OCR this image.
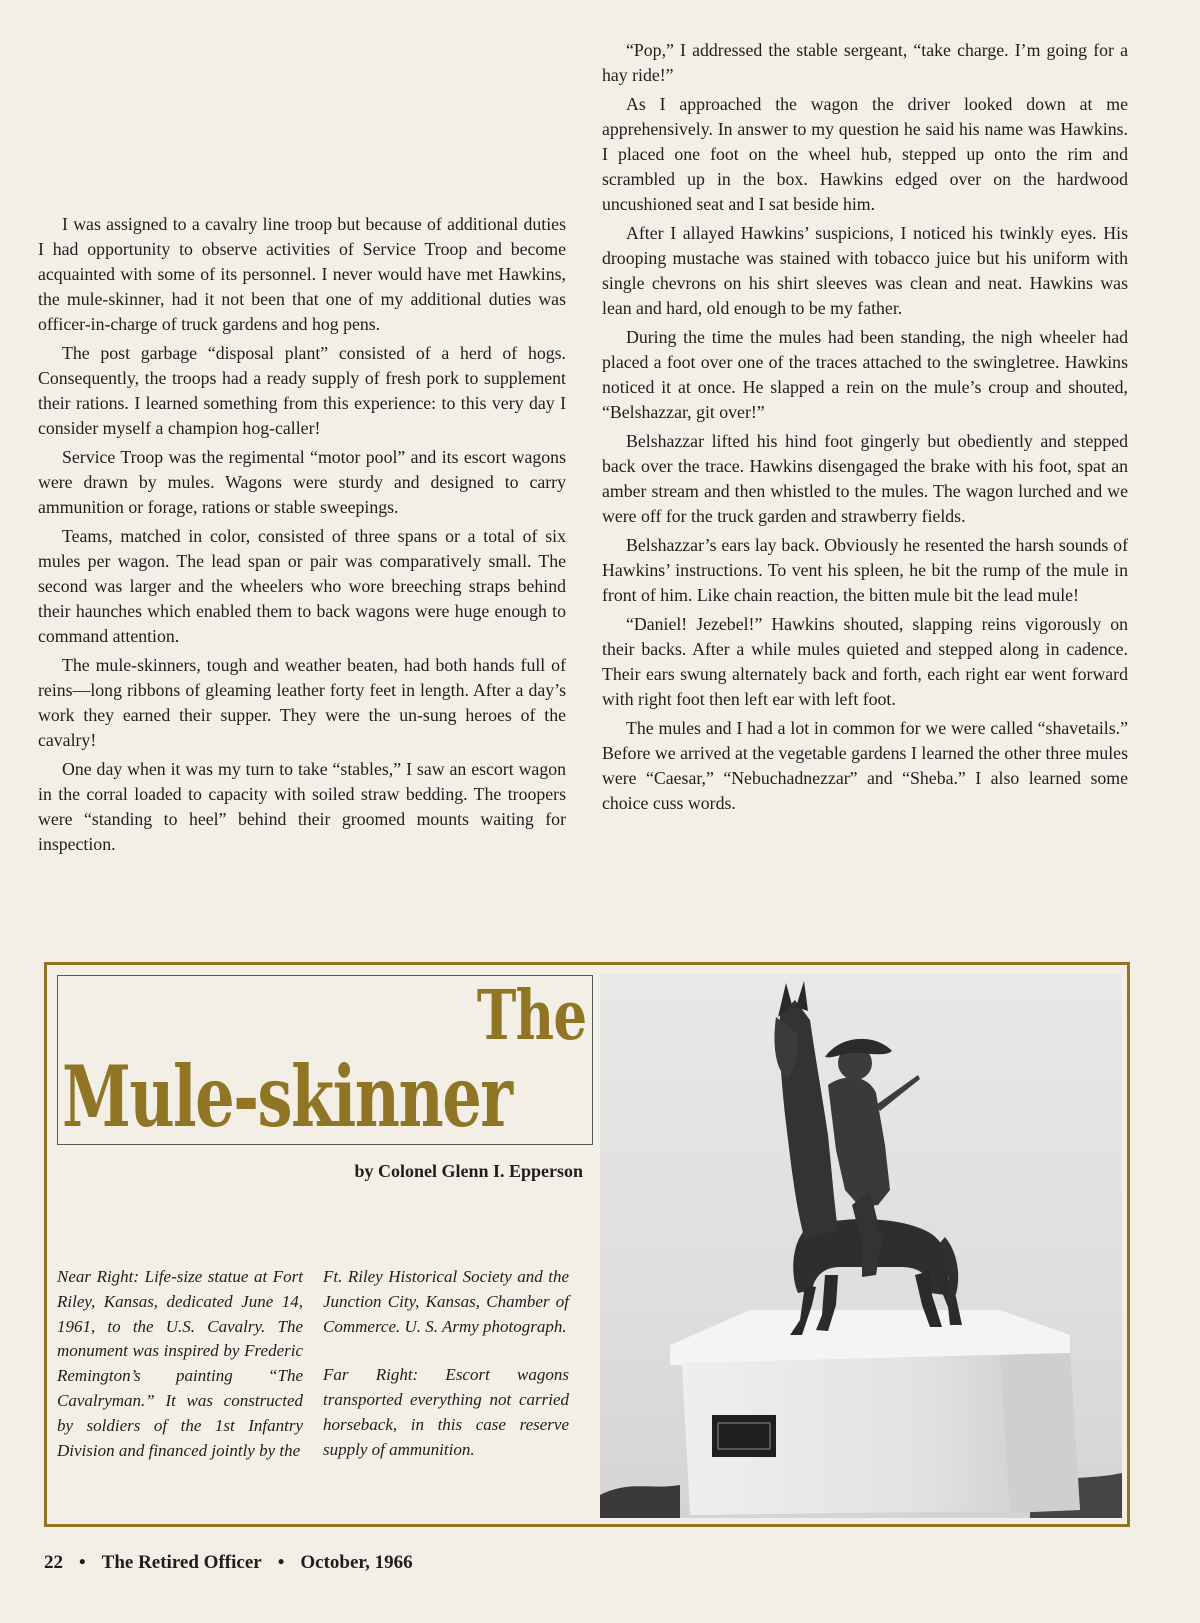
I was assigned to a cavalry line troop but because of additional duties I had opportunity to observe activities of Service Troop and become acquainted with some of its personnel. I never would have met Hawkins, the mule-skinner, had it not been that one of my additional duties was officer-in-charge of truck gardens and hog pens.

The post garbage “disposal plant” consisted of a herd of hogs. Consequently, the troops had a ready supply of fresh pork to supplement their rations. I learned something from this experience: to this very day I consider myself a champion hog-caller!

Service Troop was the regimental “motor pool” and its escort wagons were drawn by mules. Wagons were sturdy and designed to carry ammunition or forage, rations or stable sweepings.

Teams, matched in color, consisted of three spans or a total of six mules per wagon. The lead span or pair was comparatively small. The second was larger and the wheelers who wore breeching straps behind their haunches which enabled them to back wagons were huge enough to command attention.

The mule-skinners, tough and weather beaten, had both hands full of reins—long ribbons of gleaming leather forty feet in length. After a day’s work they earned their supper. They were the un-sung heroes of the cavalry!

One day when it was my turn to take “stables,” I saw an escort wagon in the corral loaded to capacity with soiled straw bedding. The troopers were “standing to heel” behind their groomed mounts waiting for inspection.

“Pop,” I addressed the stable sergeant, “take charge. I’m going for a hay ride!”

As I approached the wagon the driver looked down at me apprehensively. In answer to my question he said his name was Hawkins. I placed one foot on the wheel hub, stepped up onto the rim and scrambled up in the box. Hawkins edged over on the hardwood uncushioned seat and I sat beside him.

After I allayed Hawkins’ suspicions, I noticed his twinkly eyes. His drooping mustache was stained with tobacco juice but his uniform with single chevrons on his shirt sleeves was clean and neat. Hawkins was lean and hard, old enough to be my father.

During the time the mules had been standing, the nigh wheeler had placed a foot over one of the traces attached to the swingletree. Hawkins noticed it at once. He slapped a rein on the mule’s croup and shouted, “Belshazzar, git over!”

Belshazzar lifted his hind foot gingerly but obediently and stepped back over the trace. Hawkins disengaged the brake with his foot, spat an amber stream and then whistled to the mules. The wagon lurched and we were off for the truck garden and strawberry fields.

Belshazzar’s ears lay back. Obviously he resented the harsh sounds of Hawkins’ instructions. To vent his spleen, he bit the rump of the mule in front of him. Like chain reaction, the bitten mule bit the lead mule!

“Daniel! Jezebel!” Hawkins shouted, slapping reins vigorously on their backs. After a while mules quieted and stepped along in cadence. Their ears swung alternately back and forth, each right ear went forward with right foot then left ear with left foot.

The mules and I had a lot in common for we were called “shavetails.” Before we arrived at the vegetable gardens I learned the other three mules were “Caesar,” “Nebuchadnezzar” and “Sheba.” I also learned some choice cuss words.

The
Mule-skinner
by Colonel Glenn I. Epperson

Near Right: Life-size statue at Fort Riley, Kansas, dedicated June 14, 1961, to the U.S. Cavalry. The monument was inspired by Frederic Remington’s painting “The Cavalryman.” It was constructed by soldiers of the 1st Infantry Division and financed jointly by the

Ft. Riley Historical Society and the Junction City, Kansas, Chamber of Commerce. U. S. Army photograph.

Far Right: Escort wagons transported everything not carried horseback, in this case reserve supply of ammunition.

22 • The Retired Officer • October, 1966
